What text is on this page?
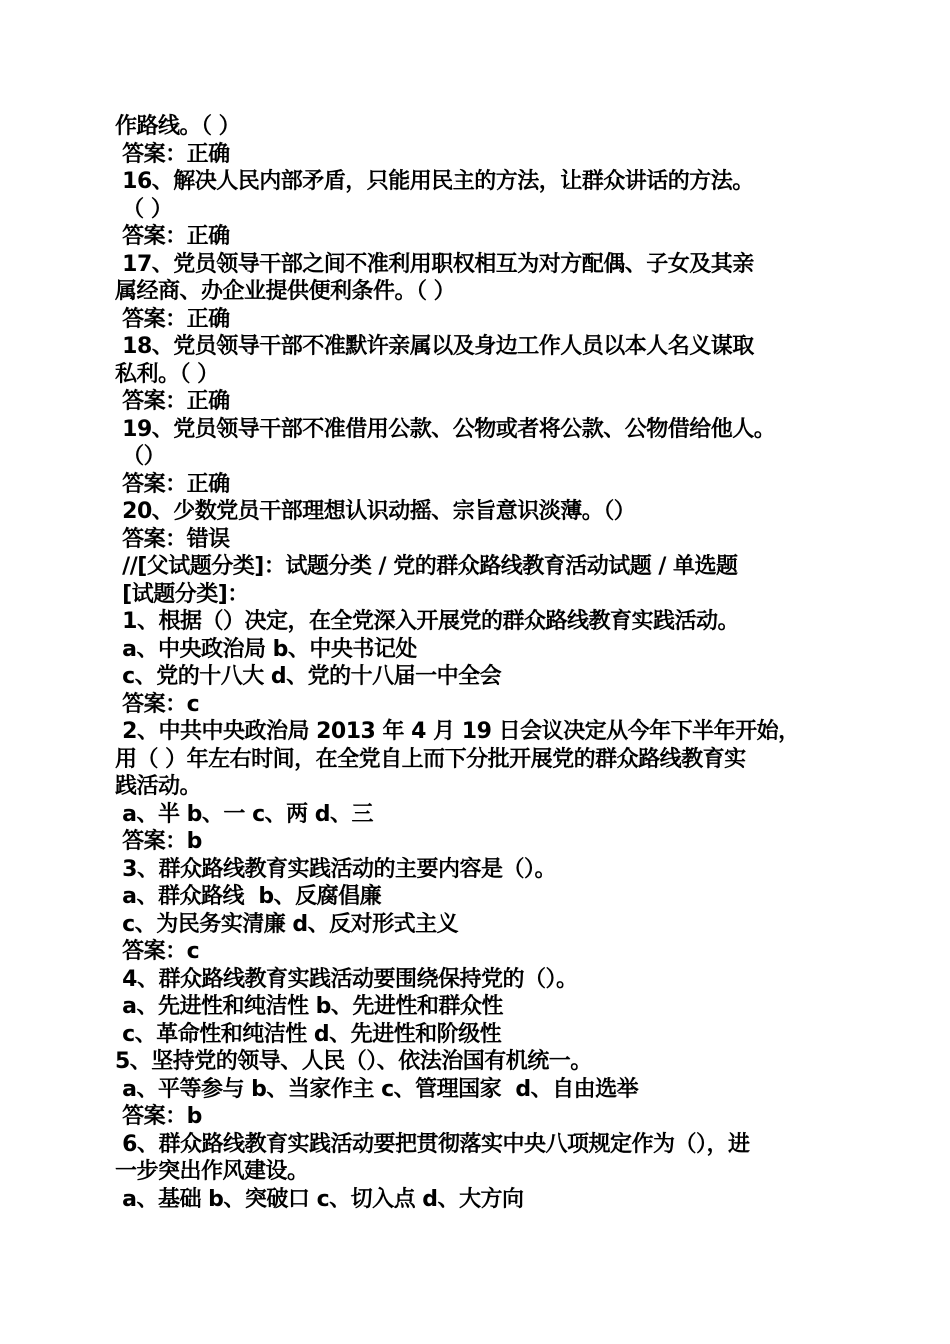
作路线。（ ）
答案：正确
16、解决人民内部矛盾，只能用民主的方法，让群众讲话的方法。
（ ）
答案：正确
17、党员领导干部之间不准利用职权相互为对方配偶、子女及其亲
属经商、办企业提供便利条件。（ ）
答案：正确
18、党员领导干部不准默许亲属以及身边工作人员以本人名义谋取
私利。（ ）
答案：正确
19、党员领导干部不准借用公款、公物或者将公款、公物借给他人。
（）
答案：正确
20、少数党员干部理想认识动摇、宗旨意识淡薄。（）
答案：错误
//[父试题分类]：试题分类 / 党的群众路线教育活动试题 / 单选题
[试题分类]：
1、根据（）决定，在全党深入开展党的群众路线教育实践活动。
a、中央政治局 b、中央书记处
c、党的十八大 d、党的十八届一中全会
答案：c
2、中共中央政治局 2013 年 4 月 19 日会议决定从今年下半年开始，
用（ ）年左右时间，在全党自上而下分批开展党的群众路线教育实
践活动。
a、半 b、一 c、两 d、三
答案：b
3、群众路线教育实践活动的主要内容是（）。
a、群众路线  b、反腐倡廉
c、为民务实清廉 d、反对形式主义
答案：c
4、群众路线教育实践活动要围绕保持党的（）。
a、先进性和纯洁性 b、先进性和群众性
c、革命性和纯洁性 d、先进性和阶级性
5、坚持党的领导、人民（）、依法治国有机统一。
a、平等参与 b、当家作主 c、管理国家  d、自由选举
答案：b
6、群众路线教育实践活动要把贯彻落实中央八项规定作为（），进
一步突出作风建设。
a、基础 b、突破口 c、切入点 d、大方向
